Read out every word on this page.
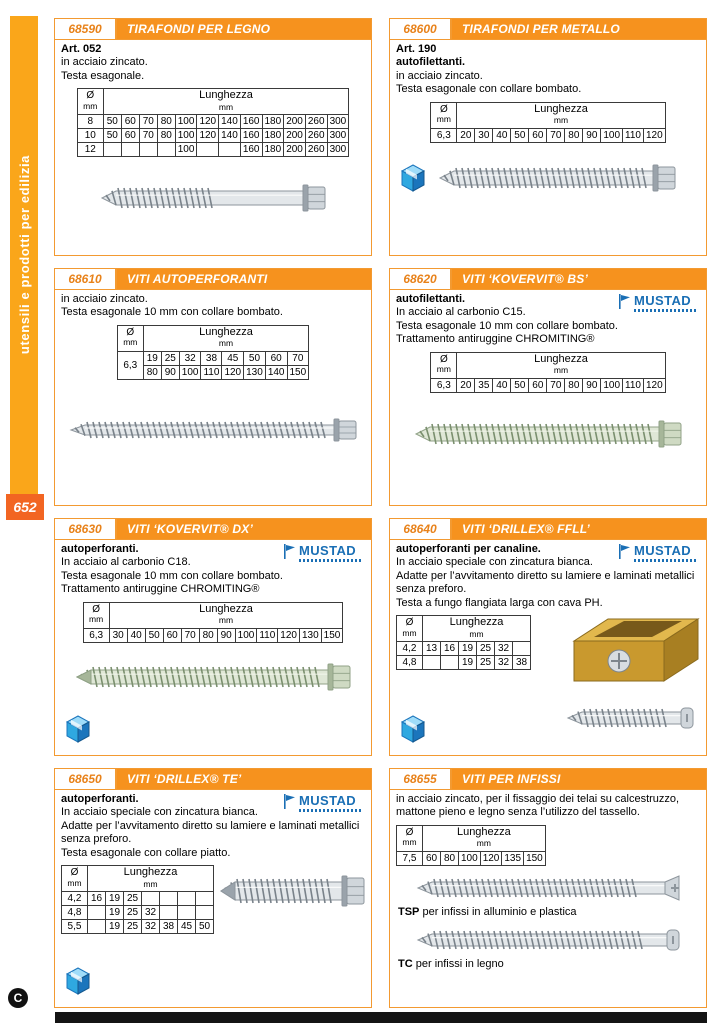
utensili e prodotti per edilizia
652
C
68590	TIRAFONDI PER LEGNO
Art. 052
in acciaio zincato.
Testa esagonale.
Ø
mm	Lunghezza
mm											
8	50	60	70	80	100	120	140	160	180	200	260	300
10	50	60	70	80	100	120	140	160	180	200	260	300
12					100			160	180	200	260	300
68600	TIRAFONDI PER METALLO
Art. 190
autofilettanti.
in acciaio zincato.
Testa esagonale con collare bombato.
Ø
mm	Lunghezza
mm										
6,3	20	30	40	50	60	70	80	90	100	110	120
68610	VITI AUTOPERFORANTI
in acciaio zincato.
Testa esagonale 10 mm con collare bombato.
Ø
mm	Lunghezza
mm							
6,3	19	25	32	38	45	50	60	70
	80	90	100	110	120	130	140	150
68620	VITI ‘KOVERVIT® BS’
MUSTAD
autofilettanti.
In acciaio al carbonio C15.
Testa esagonale 10 mm con collare bombato.
Trattamento antiruggine CHROMITING®
Ø
mm	Lunghezza
mm										
6,3	20	35	40	50	60	70	80	90	100	110	120
68630	VITI ‘KOVERVIT® DX’
MUSTAD
autoperforanti.
In acciaio al carbonio C18.
Testa esagonale 10 mm con collare bombato.
Trattamento antiruggine CHROMITING®
Ø
mm	Lunghezza
mm											
6,3	30	40	50	60	70	80	90	100	110	120	130	150
68640	VITI ‘DRILLEX® FFLL’
MUSTAD
autoperforanti per canaline.
In acciaio speciale con zincatura bianca.
Adatte per l’avvitamento diretto su lamiere e laminati metallici senza preforo.
Testa a fungo flangiata larga con cava PH.
Ø
mm	Lunghezza
mm					
4,2	13	16	19	25	32	
4,8			19	25	32	38
68650	VITI ‘DRILLEX® TE’
MUSTAD
autoperforanti.
In acciaio speciale con zincatura bianca.
Adatte per l’avvitamento diretto su lamiere e laminati metallici senza preforo.
Testa esagonale con collare piatto.
Ø
mm	Lunghezza
mm						
4,2	16	19	25				
4,8		19	25	32			
5,5		19	25	32	38	45	50
68655	VITI PER INFISSI
in acciaio zincato, per il fissaggio dei telai su calcestruzzo, mattone pieno e legno senza l’utilizzo del tassello.
Ø
mm	Lunghezza
mm					
7,5	60	80	100	120	135	150
TSP per infissi in alluminio e plastica
TC per infissi in legno
